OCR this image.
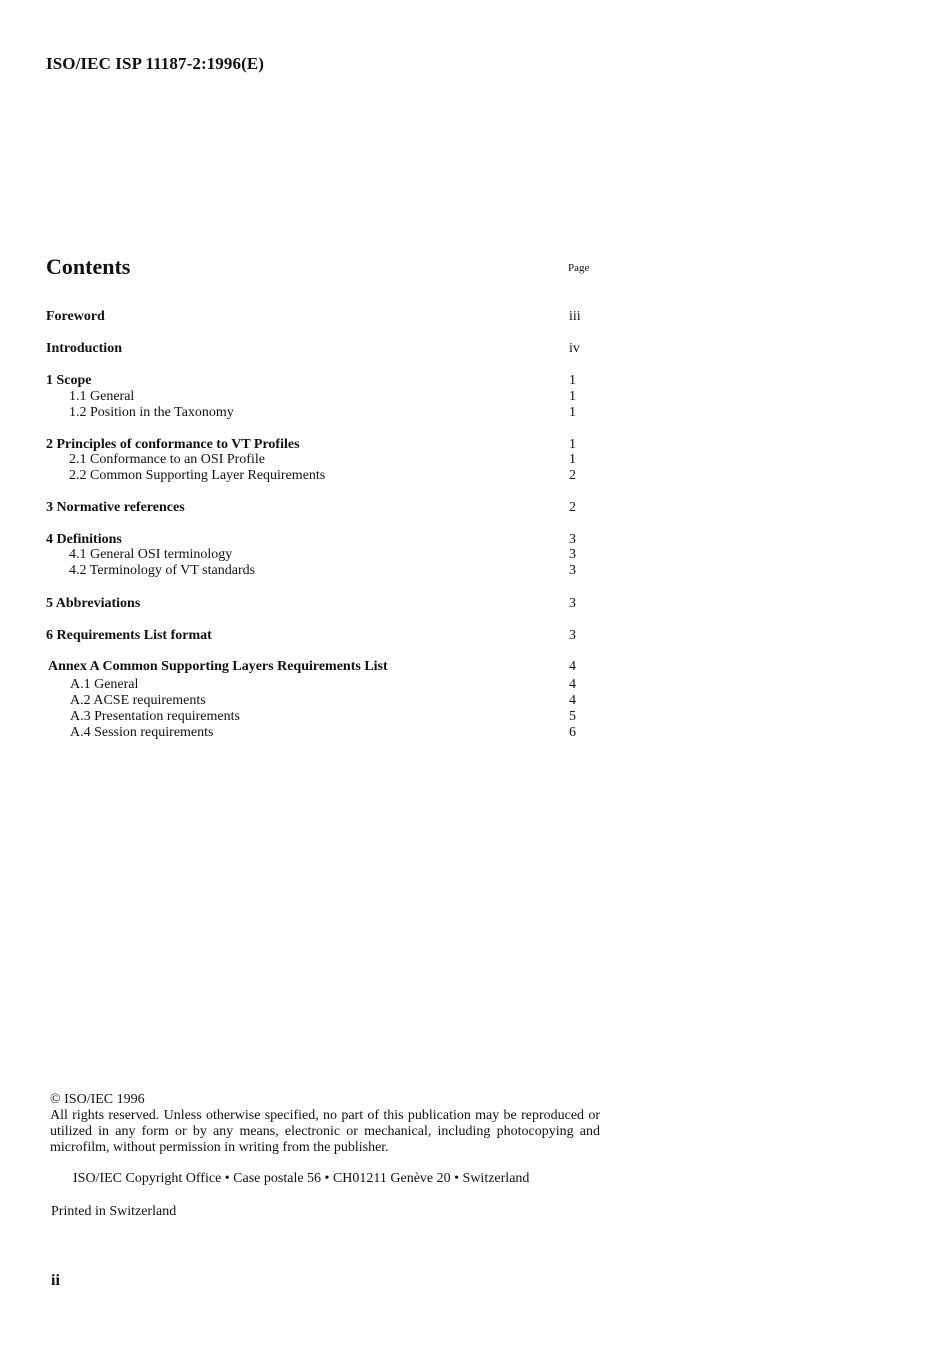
ISO/IEC ISP 11187-2:1996(E)
Contents	Page
Foreword	iii
Introduction	iv
1 Scope	1
1.1 General	1
1.2 Position in the Taxonomy	1
2 Principles of conformance to VT Profiles	1
2.1 Conformance to an OSI Profile	1
2.2 Common Supporting Layer Requirements	2
3 Normative references	2
4 Definitions	3
4.1 General OSI terminology	3
4.2 Terminology of VT standards	3
5 Abbreviations	3
6 Requirements List format	3
Annex A Common Supporting Layers Requirements List	4
A.1 General	4
A.2 ACSE requirements	4
A.3 Presentation requirements	5
A.4 Session requirements	6
© ISO/IEC 1996
All rights reserved. Unless otherwise specified, no part of this publication may be reproduced or utilized in any form or by any means, electronic or mechanical, including photocopying and microfilm, without permission in writing from the publisher.
ISO/IEC Copyright Office • Case postale 56 • CH01211 Genève 20 • Switzerland
Printed in Switzerland
ii
